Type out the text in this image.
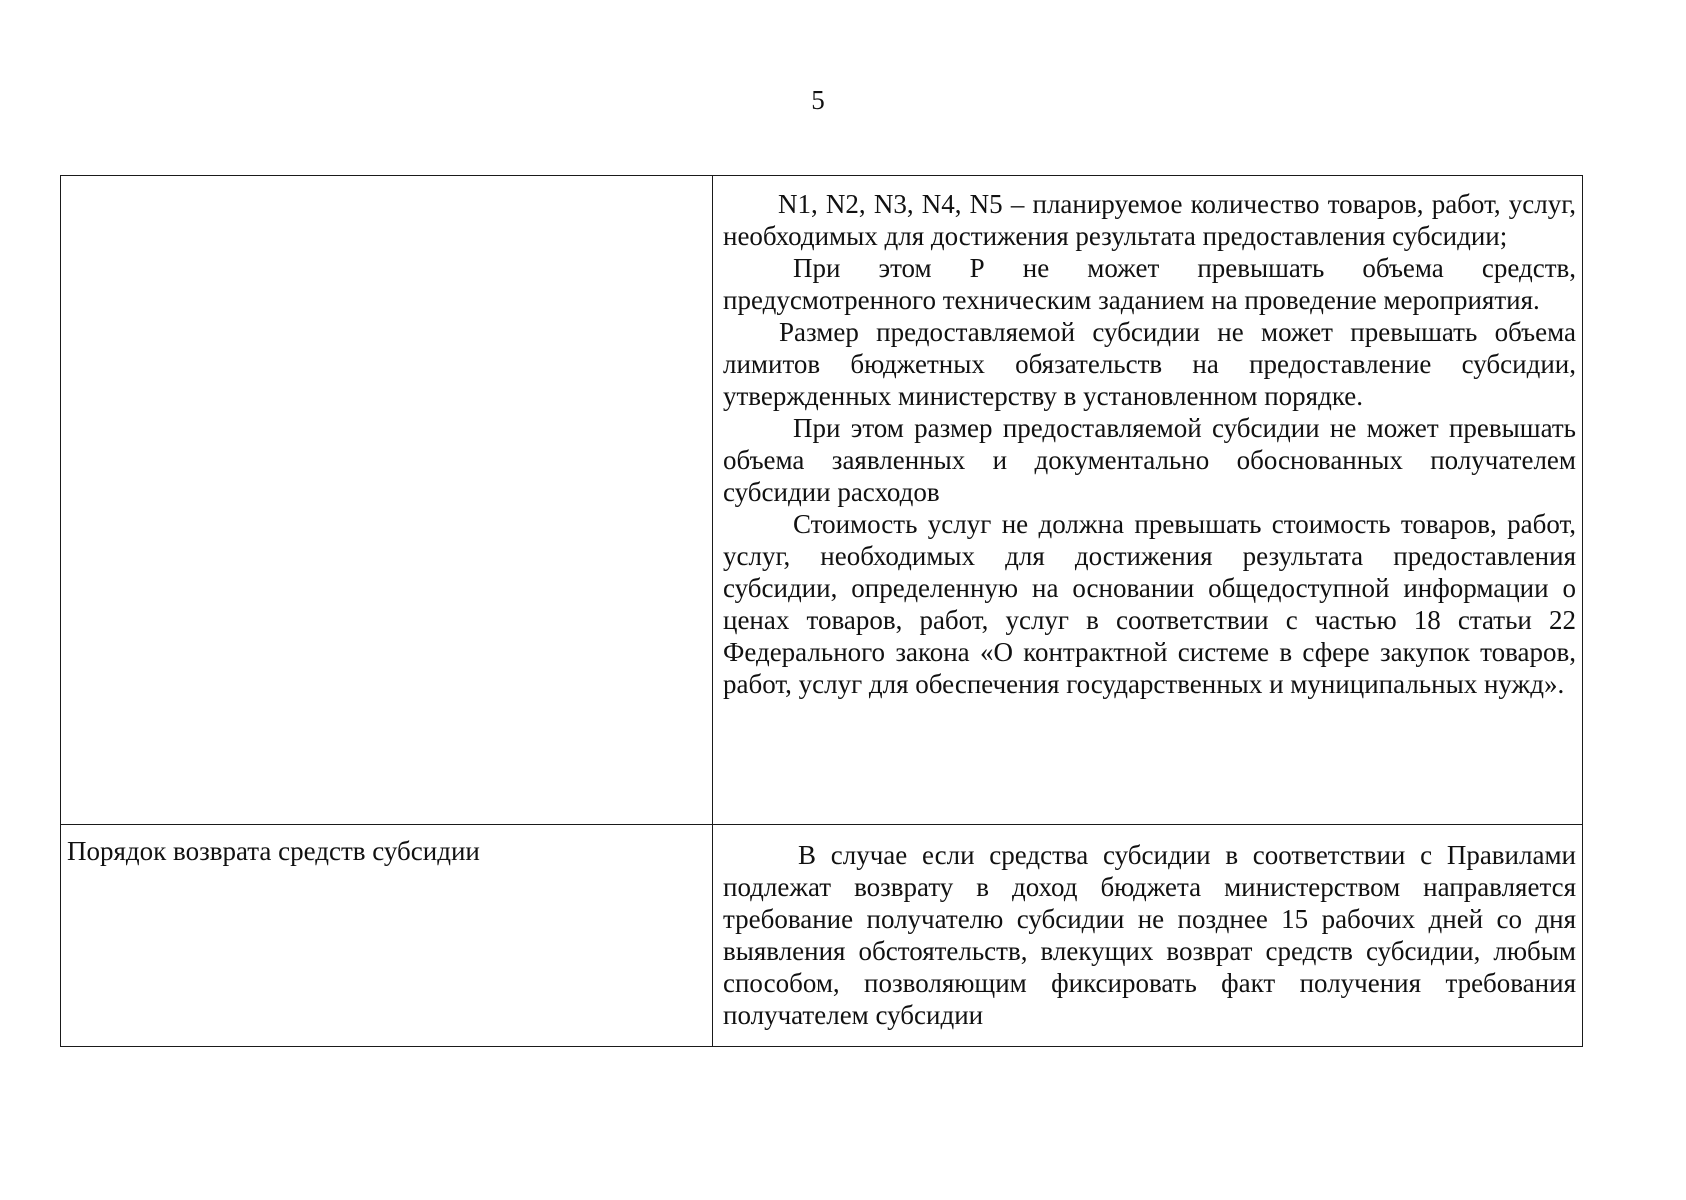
5

	N1, N2, N3, N4, N5 – планируемое количество товаров, работ, услуг, необходимых для достижения результата предоставления субсидии;

При этом Р не может превышать объема средств, предусмотренного техническим заданием на проведение мероприятия.

Размер предоставляемой субсидии не может превышать объема лимитов бюджетных обязательств на предоставление субсидии, утвержденных министерству в установленном порядке.

При этом размер предоставляемой субсидии не может превышать объема заявленных и документально обоснованных получателем субсидии расходов

Стоимость услуг не должна превышать стоимость товаров, работ, услуг, необходимых для достижения результата предоставления субсидии, определенную на основании общедоступной информации о ценах товаров, работ, услуг в соответствии с частью 18 статьи 22 Федерального закона «О контрактной системе в сфере закупок товаров, работ, услуг для обеспечения государственных и муниципальных нужд».

Порядок возврата средств субсидии	В случае если средства субсидии в соответствии с Правилами подлежат возврату в доход бюджета министерством направляется требование получателю субсидии не позднее 15 рабочих дней со дня выявления обстоятельств, влекущих возврат средств субсидии, любым способом, позволяющим фиксировать факт получения требования получателем субсидии
